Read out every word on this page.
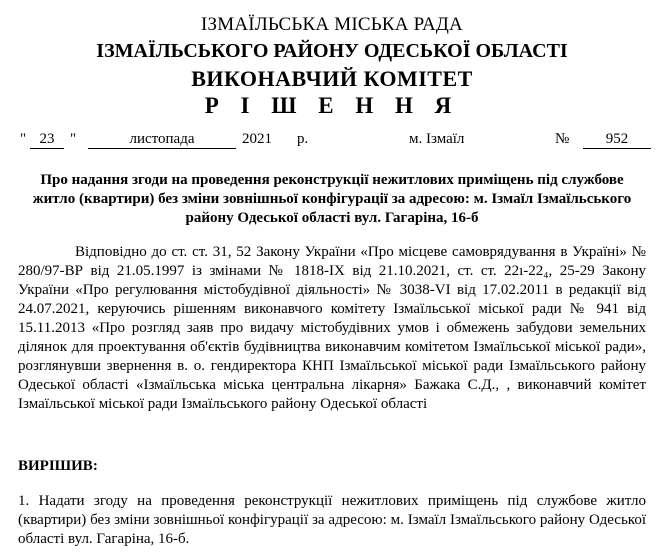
ІЗМАЇЛЬСЬКА МІСЬКА РАДА
ІЗМАЇЛЬСЬКОГО РАЙОНУ ОДЕСЬКОЇ ОБЛАСТІ
ВИКОНАВЧИЙ КОМІТЕТ
Р І Ш Е Н Н Я
" 23	"	листопада	2021 р.	м. Ізмаїл	№	952
Про надання згоди на проведення реконструкції нежитлових приміщень під службове житло (квартири) без зміни зовнішньої конфігурації за адресою: м. Ізмаїл Ізмаїльського району Одеської області вул. Гагаріна, 16-б
Відповідно до ст. ст. 31, 52 Закону України «Про місцеве самоврядування в Україні» № 280/97-ВР від 21.05.1997 із змінами № 1818-ІХ від 21.10.2021, ст. ст. 22ı-22₄, 25-29 Закону України «Про регулювання містобудівної діяльності» № 3038-VІ від 17.02.2011 в редакції від 24.07.2021, керуючись рішенням виконавчого комітету Ізмаїльської міської ради № 941 від 15.11.2013 «Про розгляд заяв про видачу містобудівних умов і обмежень забудови земельних ділянок для проектування об'єктів будівництва виконавчим комітетом Ізмаїльської міської ради», розглянувши звернення в. о. гендиректора КНП Ізмаїльської міської ради Ізмаїльського району Одеської області «Ізмаїльська міська центральна лікарня» Бажака С.Д., , виконавчий комітет Ізмаїльської міської ради Ізмаїльського району Одеської області
ВИРІШИВ:
1. Надати згоду на проведення реконструкції нежитлових приміщень під службове житло (квартири) без зміни зовнішньої конфігурації за адресою: м. Ізмаїл Ізмаїльського району Одеської області вул. Гагаріна, 16-б.
